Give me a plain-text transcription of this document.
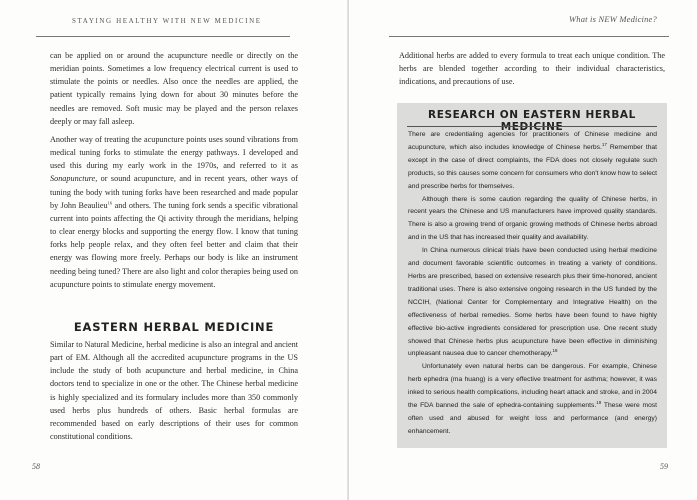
STAYING HEALTHY WITH NEW MEDICINE
can be applied on or around the acupuncture needle or directly on the meridian points. Sometimes a low frequency electrical current is used to stimulate the points or needles. Also once the needles are applied, the patient typically remains lying down for about 30 minutes before the needles are removed. Soft music may be played and the person relaxes deeply or may fall asleep.
Another way of treating the acupuncture points uses sound vibrations from medical tuning forks to stimulate the energy pathways. I developed and used this during my early work in the 1970s, and referred to it as Sonapuncture, or sound acupuncture, and in recent years, other ways of tuning the body with tuning forks have been researched and made popular by John Beaulieu$^{16}$ and others. The tuning fork sends a specific vibrational current into points affecting the Qi activity through the meridians, helping to clear energy blocks and supporting the energy flow. I know that tuning forks help people relax, and they often feel better and claim that their energy was flowing more freely. Perhaps our body is like an instrument needing being tuned? There are also light and color therapies being used on acupuncture points to stimulate energy movement.
EASTERN HERBAL MEDICINE
Similar to Natural Medicine, herbal medicine is also an integral and ancient part of EM. Although all the accredited acupuncture programs in the US include the study of both acupuncture and herbal medicine, in China doctors tend to specialize in one or the other. The Chinese herbal medicine is highly specialized and its formulary includes more than 350 commonly used herbs plus hundreds of others. Basic herbal formulas are recommended based on early descriptions of their uses for common constitutional conditions.
58
What is NEW Medicine?
Additional herbs are added to every formula to treat each unique condition. The herbs are blended together according to their individual characteristics, indications, and precautions of use.
RESEARCH ON EASTERN HERBAL MEDICINE

There are credentialing agencies for practitioners of Chinese medicine and acupuncture, which also includes knowledge of Chinese herbs.$^{17}$ Remember that except in the case of direct complaints, the FDA does not closely regulate such products, so this causes some concern for consumers who don't know how to select and prescribe herbs for themselves.

Although there is some caution regarding the quality of Chinese herbs, in recent years the Chinese and US manufacturers have improved quality standards. There is also a growing trend of organic growing methods of Chinese herbs abroad and in the US that has increased their quality and availability.

In China numerous clinical trials have been conducted using herbal medicine and document favorable scientific outcomes in treating a variety of conditions. Herbs are prescribed, based on extensive research plus their time-honored, ancient traditional uses. There is also extensive ongoing research in the US funded by the NCCIH, (National Center for Complementary and Integrative Health) on the effectiveness of herbal remedies. Some herbs have been found to have highly effective bio-active ingredients considered for prescription use. One recent study showed that Chinese herbs plus acupuncture have been effective in diminishing unpleasant nausea due to cancer chemotherapy.$^{18}$

Unfortunately even natural herbs can be dangerous. For example, Chinese herb ephedra (ma huang) is a very effective treatment for asthma; however, it was inked to serious health complications, including heart attack and stroke, and in 2004 the FDA banned the sale of ephedra-containing supplements.$^{19}$ These were most often used and abused for weight loss and performance (and energy) enhancement.

59
